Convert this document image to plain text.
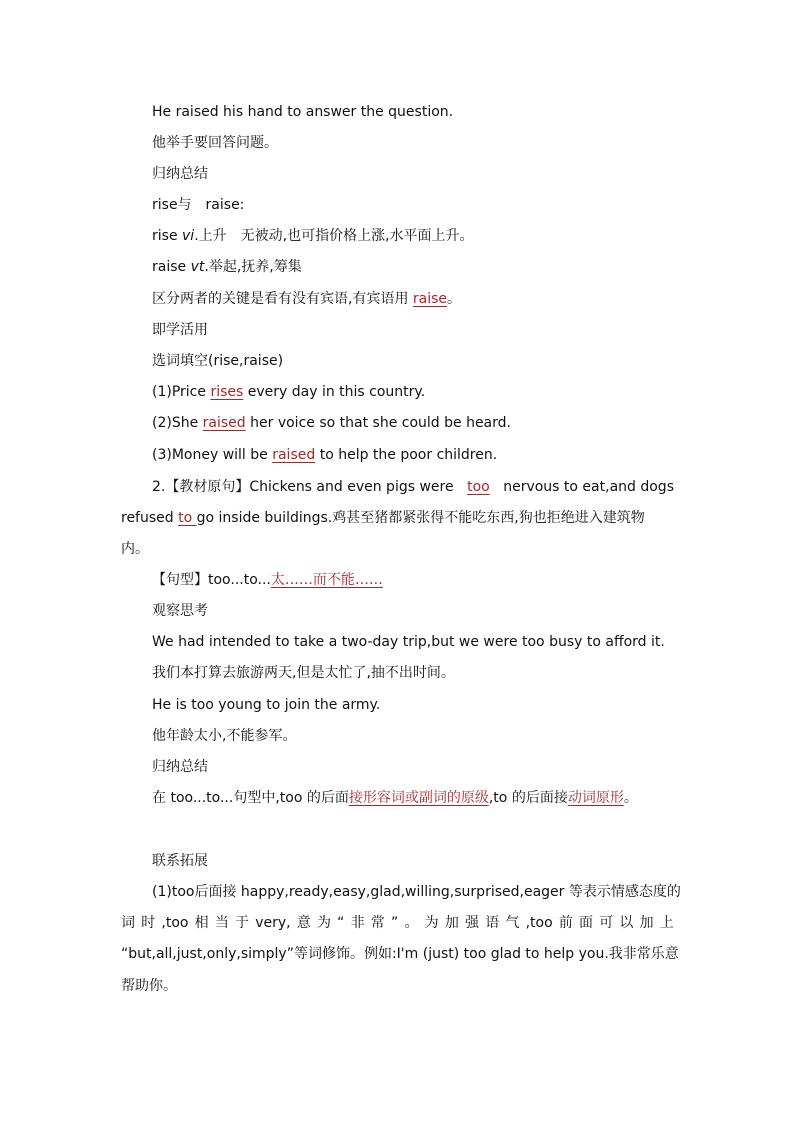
He raised his hand to answer the question.
他举手要回答问题。
归纳总结
rise与　raise:
rise vi.上升　无被动,也可指价格上涨,水平面上升。
raise vt.举起,抚养,筹集
区分两者的关键是看有没有宾语,有宾语用 raise。
即学活用
选词填空(rise,raise)
(1)Price rises every day in this country.
(2)She raised her voice so that she could be heard.
(3)Money will be raised to help the poor children.
2.【教材原句】Chickens and even pigs were too nervous to eat,and dogs
refused to go inside buildings.鸡甚至猪都紧张得不能吃东西,狗也拒绝进入建筑物
内。
【句型】too...to...太……而不能……
观察思考
We had intended to take a two-day trip,but we were too busy to afford it.
我们本打算去旅游两天,但是太忙了,抽不出时间。
He is too young to join the army.
他年龄太小,不能参军。
归纳总结
在 too...to...句型中,too 的后面接形容词或副词的原级,to 的后面接动词原形。
联系拓展
(1)too后面接 happy,ready,easy,glad,willing,surprised,eager 等表示情感态度的
词 时 ,too 相 当 于 very, 意 为 “ 非 常 ” 。 为 加 强 语 气 ,too 前 面 可 以 加 上
“but,all,just,only,simply”等词修饰。例如:I'm (just) too glad to help you.我非常乐意
帮助你。
